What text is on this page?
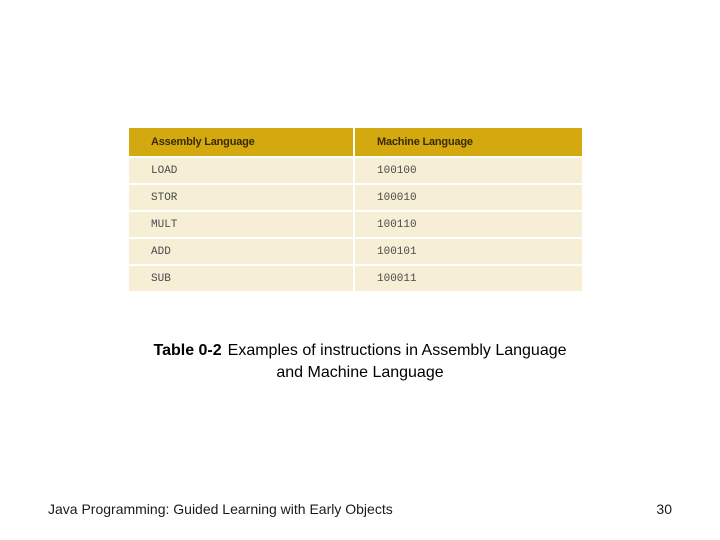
Assembly Language	Machine Language
LOAD	100100
STOR	100010
MULT	100110
ADD	100101
SUB	100011
Table 0-2 Examples of instructions in Assembly Language
and Machine Language
Java Programming: Guided Learning with Early Objects	30
